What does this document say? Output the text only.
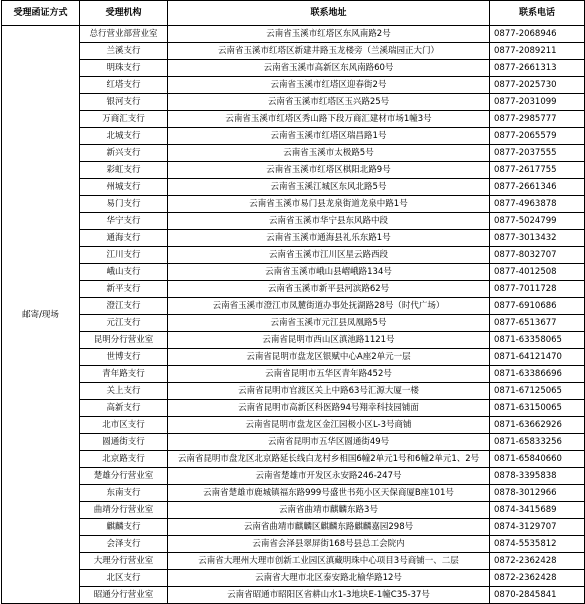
受理函证方式	受理机构	联系地址	联系电话
邮寄/现场	总行营业部营业室	云南省玉溪市红塔区东风南路2号	0877-2068946
	兰溪支行	云南省玉溪市红塔区新建井路玉龙楼旁（兰溪瑞园正大门）	0877-2089211
	明珠支行	云南省玉溪市高新区东风南路60号	0877-2661313
	红塔支行	云南省玉溪市红塔区迎春街2号	0877-2025730
	银河支行	云南省玉溪市红塔区玉兴路25号	0877-2031099
	万商汇支行	云南省玉溪市红塔区秀山路下段万商汇建材市场1幢3号	0877-2985777
	北城支行	云南省玉溪市红塔区瑞昌路1号	0877-2065579
	新兴支行	云南省玉溪市太极路5号	0877-2037555
	彩虹支行	云南省玉溪市红塔区棋阳北路9号	0877-2617755
	州城支行	云南省玉溪江城区东风北路5号	0877-2661346
	易门支行	云南省玉溪市易门县龙泉街道龙泉中路1号	0877-4963878
	华宁支行	云南省玉溪市华宁县东风路中段	0877-5024799
	通海支行	云南省玉溪市通海县礼乐东路1号	0877-3013432
	江川支行	云南省玉溪市江川区星云路西段	0877-8032707
	峨山支行	云南省玉溪市峨山县嶍峨路134号	0877-4012508
	新平支行	云南省玉溪市新平县河滨路62号	0877-7011728
	澄江支行	云南省玉溪市澄江市凤麓街道办事处抚湖路28号（时代广场）	0877-6910686
	元江支行	云南省玉溪市元江县凤凰路5号	0877-6513677
	昆明分行营业室	云南省昆明市西山区滇池路1121号	0871-63358065
	世博支行	云南省昆明市盘龙区银赋中心A座2单元一层	0871-64121470
	青年路支行	云南省昆明市五华区青年路452号	0871-63386696
	关上支行	云南省昆明市官渡区关上中路63号汇源大厦一楼	0871-67125065
	高新支行	云南省昆明市高新区科医路94号翔幸科技园铺面	0871-63150065
	北市区支行	云南省昆明市盘龙区金江园极小区L-3号商铺	0871-63662926
	圆通街支行	云南省昆明市五华区圆通街49号	0871-65833256
	北京路支行	云南省昆明市盘龙区北京路延长线白龙村乡相国6幢2单元1号和6幢2单元1、2号	0871-65840660
	楚雄分行营业室	云南省楚雄市开发区永安路246-247号	0878-3395838
	东南支行	云南省楚雄市鹿城镇福东路999号盛世书苑小区天保商厦B座101号	0878-3012966
	曲靖分行营业室	云南省曲靖市麒麟东路3号	0874-3415689
	麒麟支行	云南省曲靖市麒麟区麒麟东路麒麟嘉园298号	0874-3129707
	会泽支行	云南省会泽县翠屏街168号县总工会院内	0874-5535812
	大理分行营业室	云南省大理州大理市创新工业园区滇藏明珠中心项目3号商铺一、二层	0872-2362428
	北区支行	云南省大理市北区泰安路北榆华路12号	0872-2362428
	昭通分行营业室	云南省昭通市昭阳区省耕山水1-3地块E-1幢C35-37号	0870-2845841
